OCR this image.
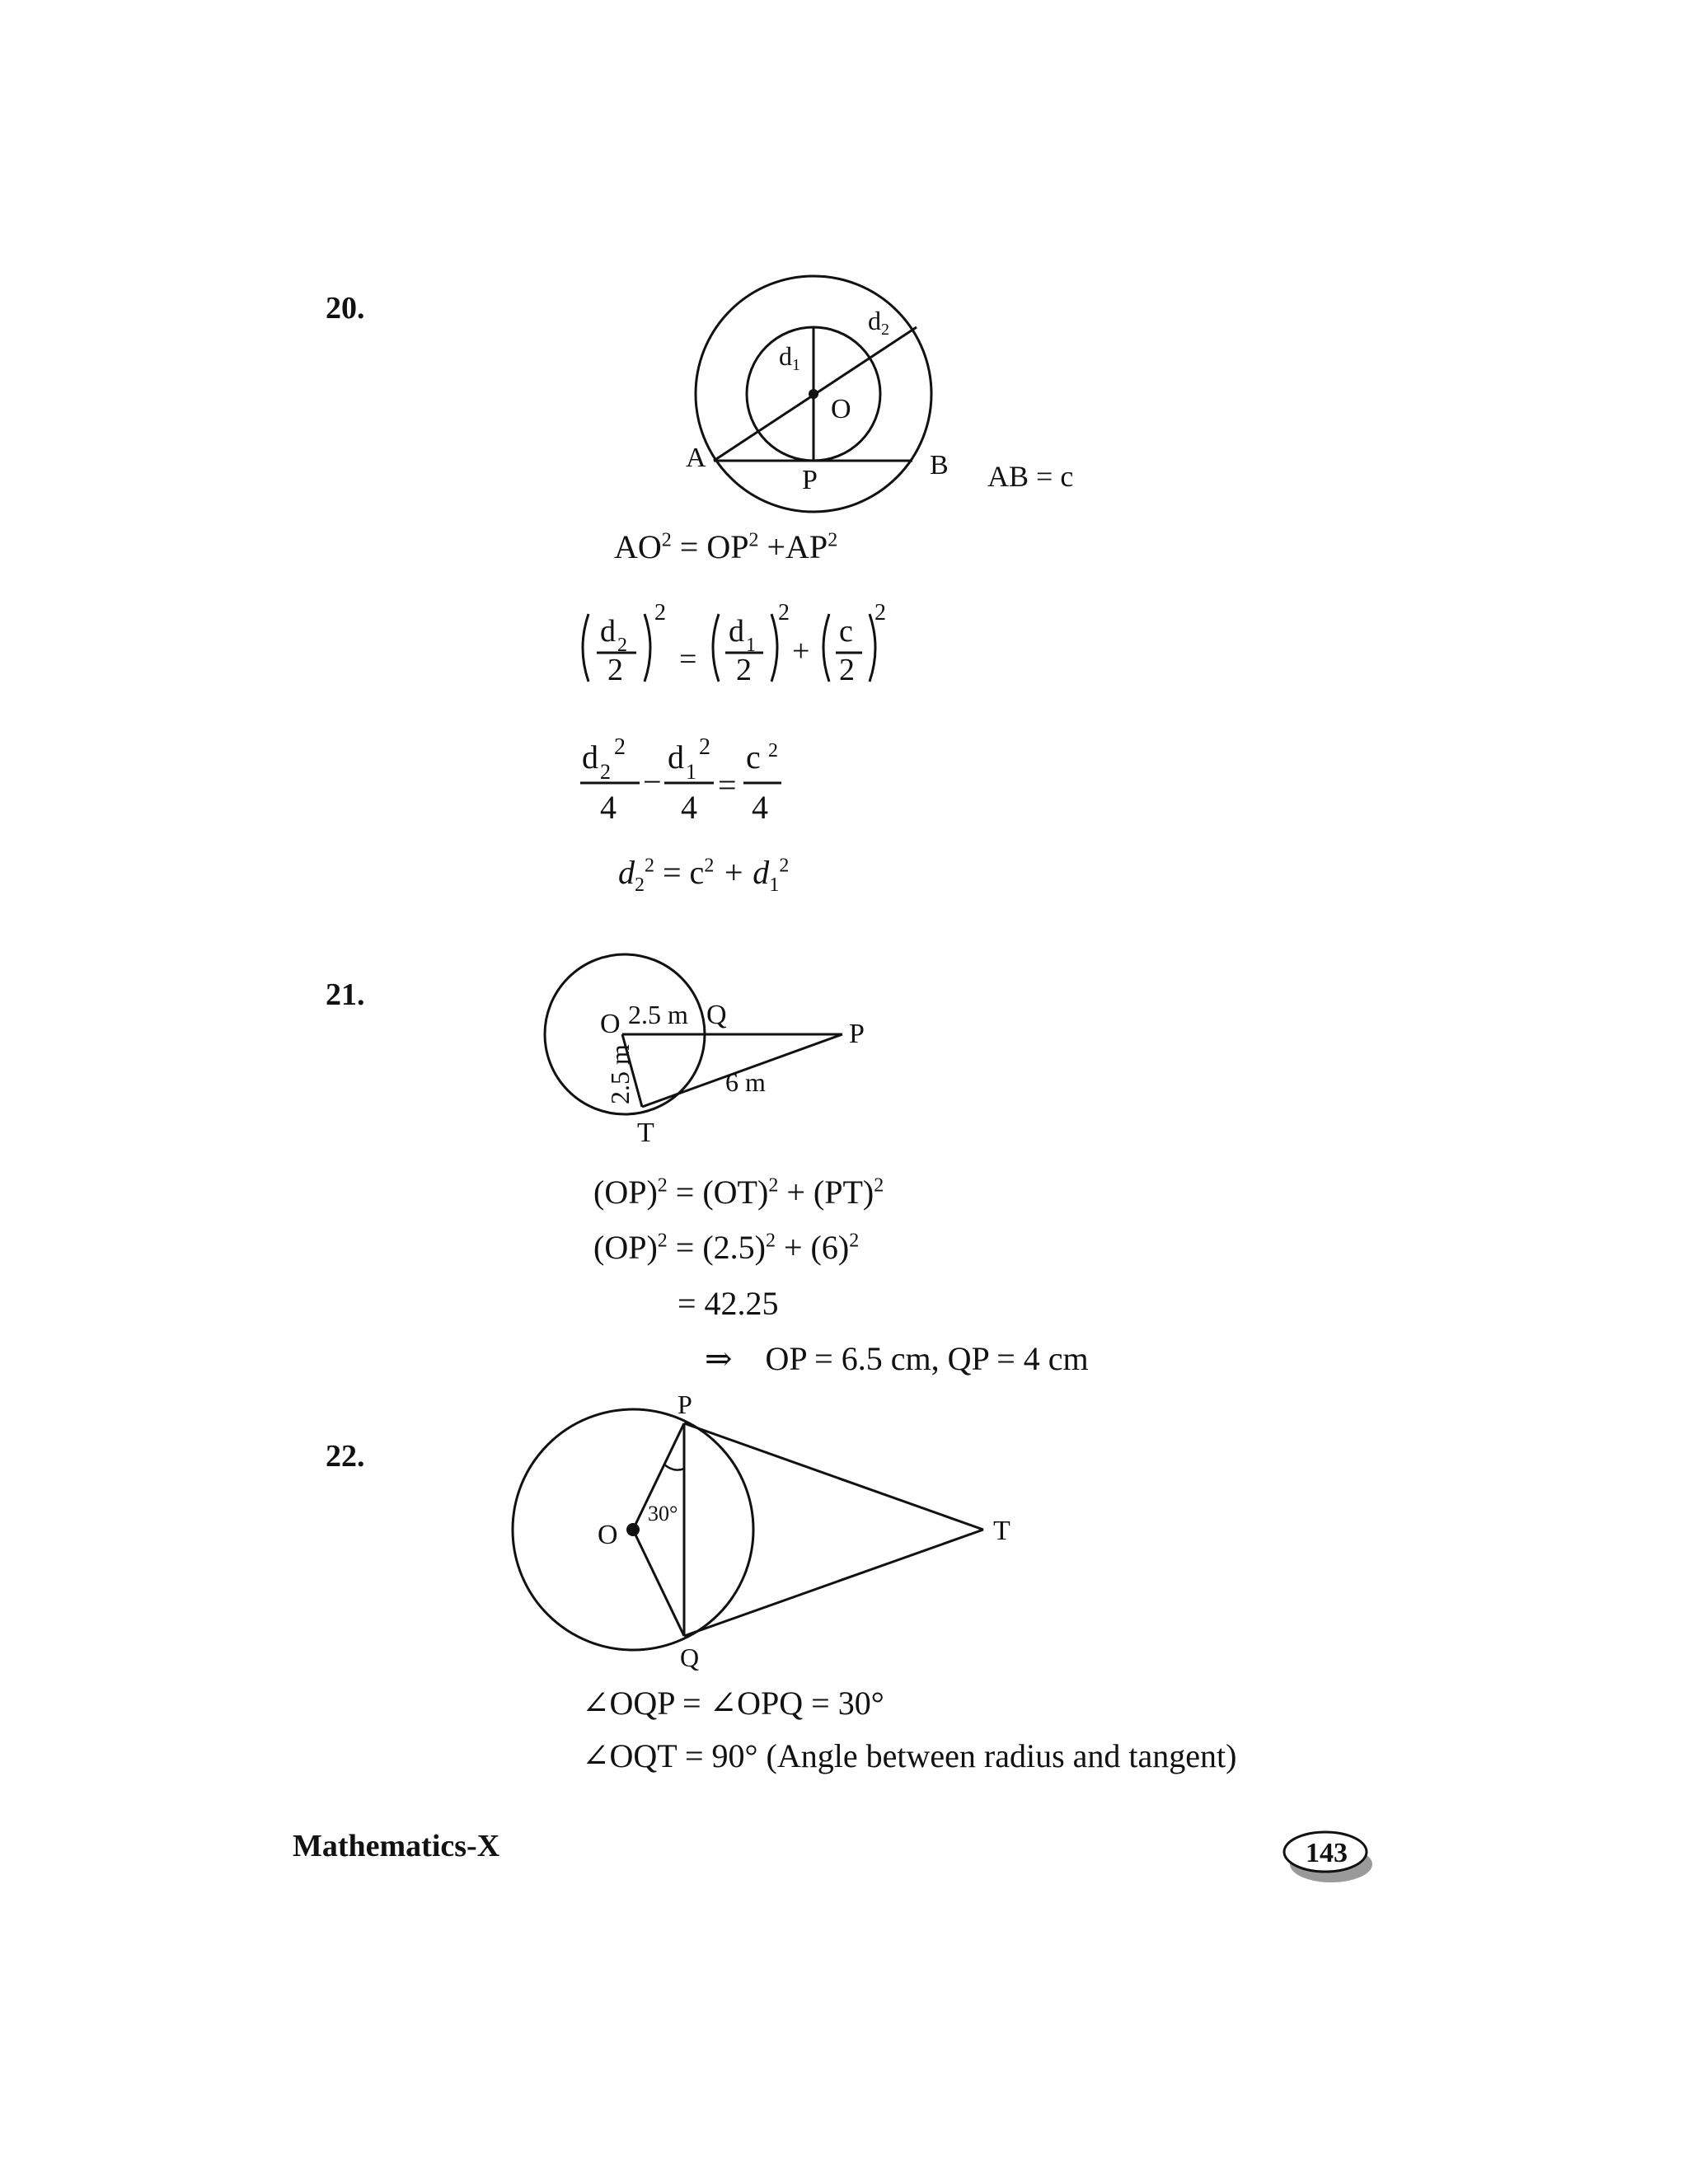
20.
d1
d2
O
A
P	B AB = c
$AO^2 = OP^2 +AP^2$
d 2
2
2
=
d 1
2
2
+
c
2
2
d 2
2
4
−
d 1
2
4
=
c 2
4
$d_2^2 = c^2 + d_1^2$
21.
O 2.5 m Q
P
T
6 m
2.5 m
(OP)$^2$ = (OT)$^2$ + (PT)$^2$
$(OP)^2 = (2.5)^2 + (6)^2$
= 42.25
⇒ OP = 6.5 cm, QP = 4 cm
22.
P
O
Q
T
30°
∠OQP = ∠OPQ = 30°
∠OQT = 90° (Angle between radius and tangent)
Mathematics-X	143
